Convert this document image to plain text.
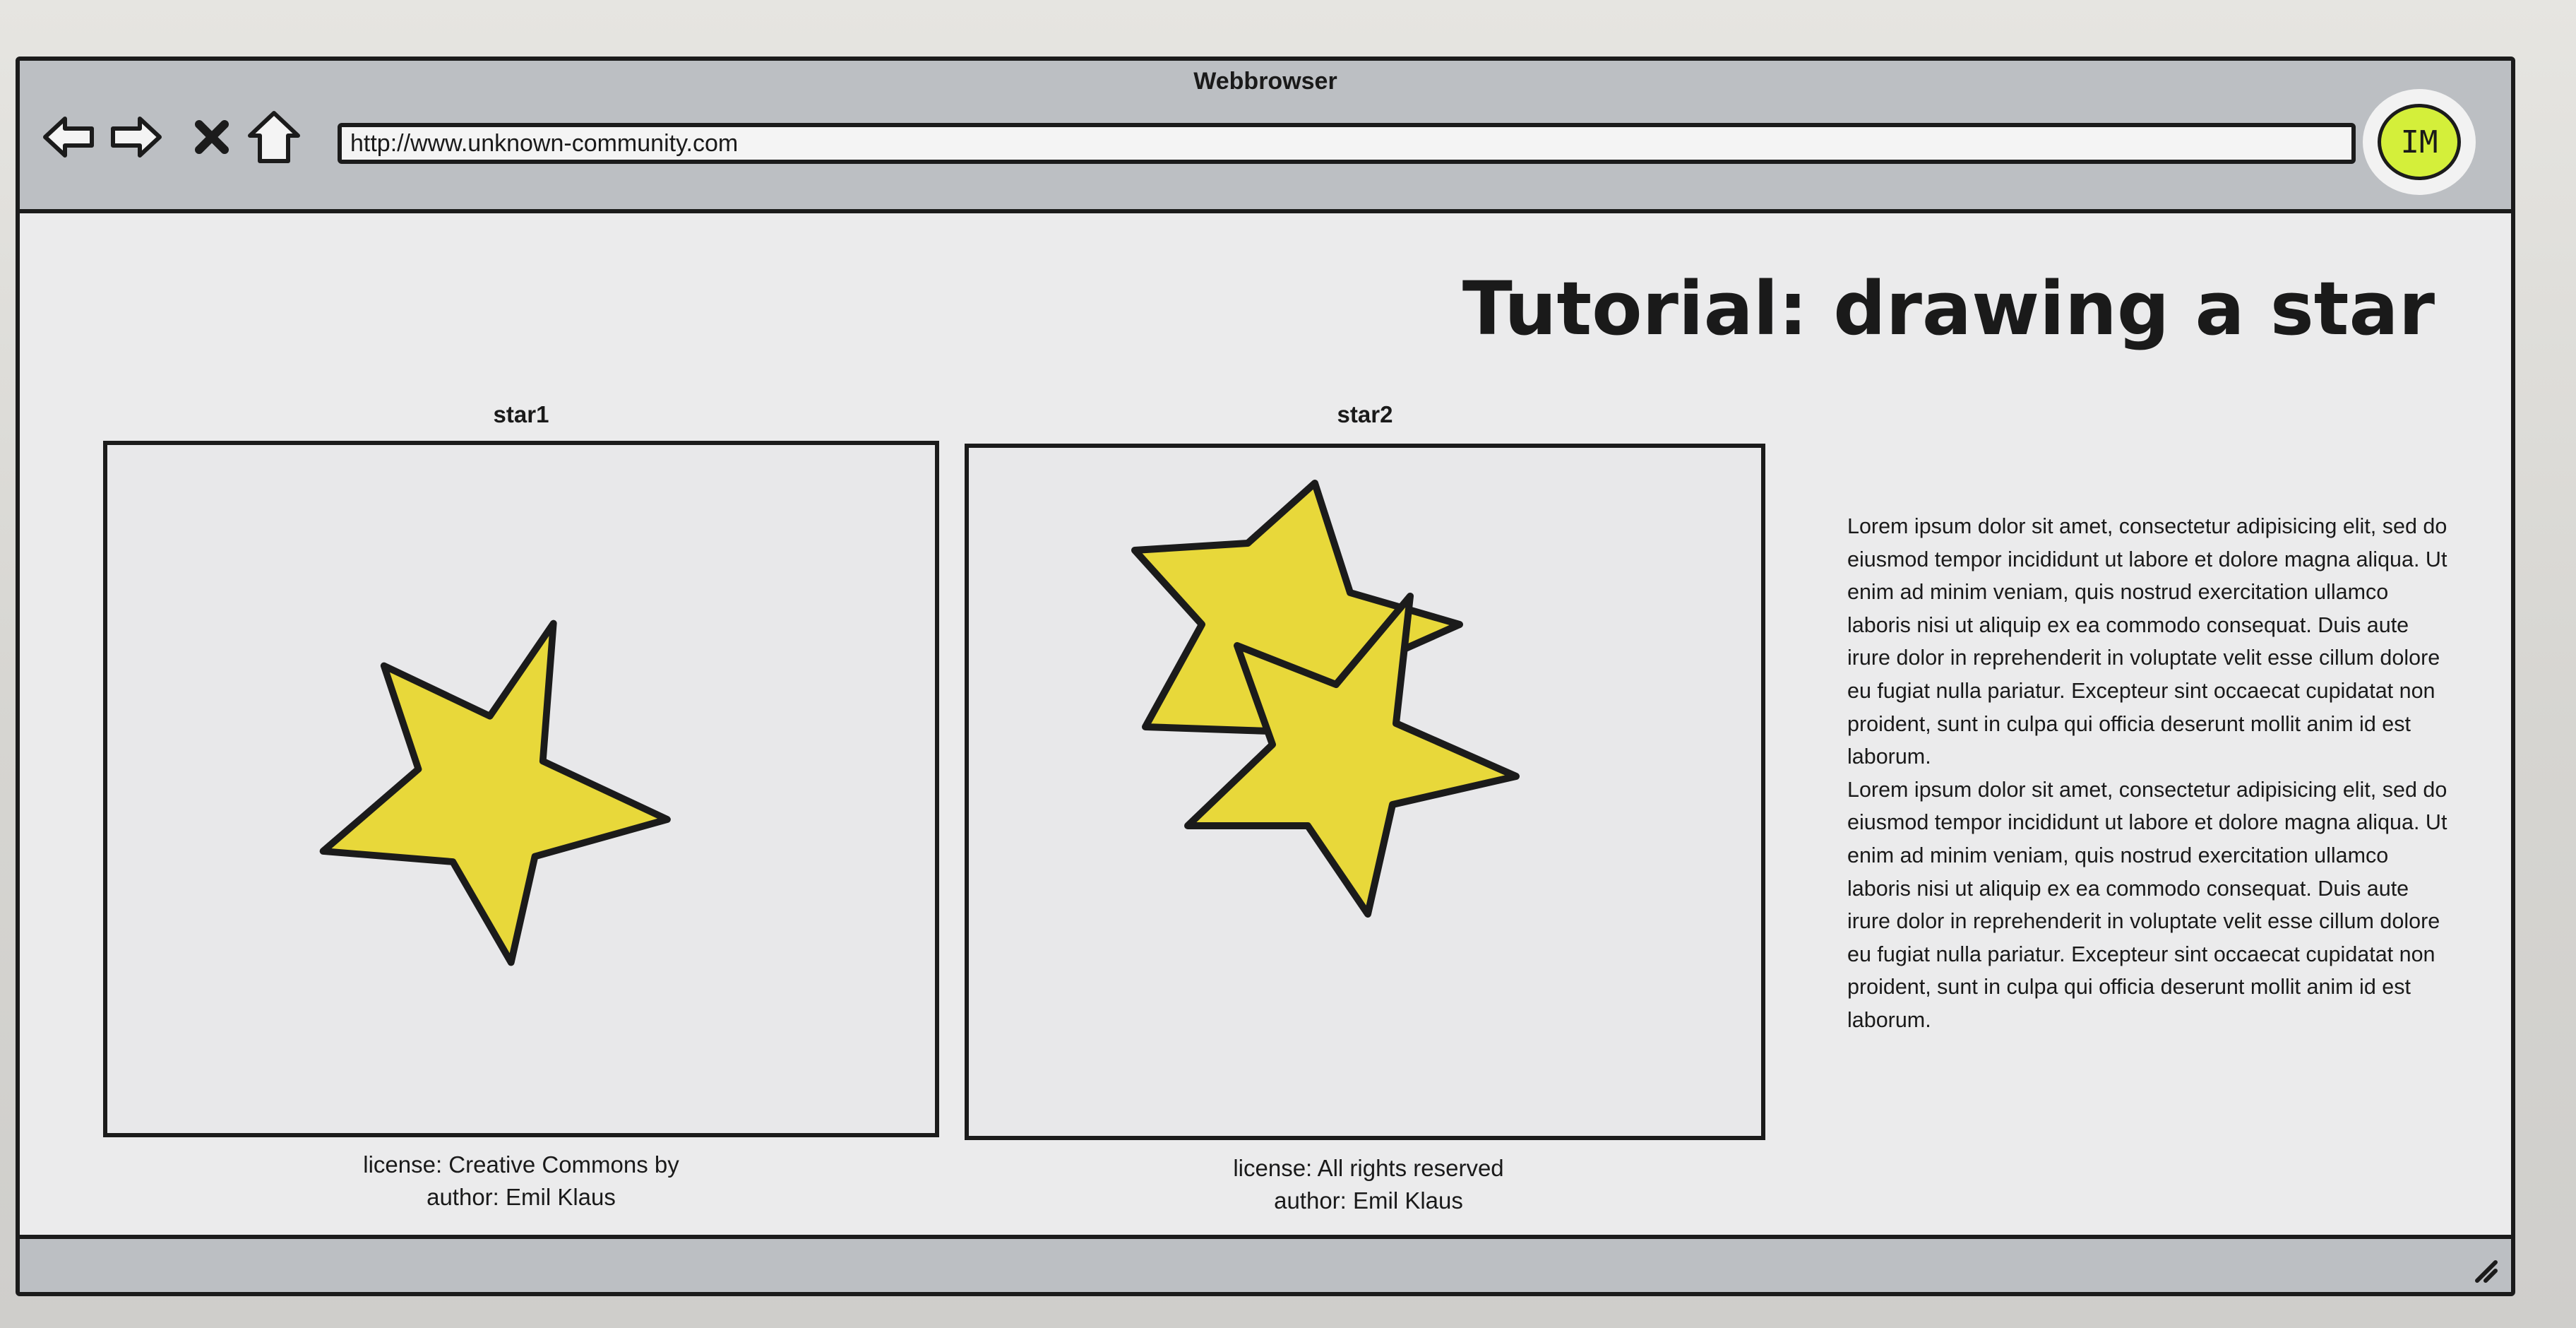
Webbrowser
http://www.unknown-community.com	IM
Tutorial: drawing a star
star1
license: Creative Commons by
author: Emil Klaus
star2
license: All rights reserved
author: Emil Klaus

Lorem ipsum dolor sit amet, consectetur adipisicing elit, sed do eiusmod tempor incididunt ut labore et dolore magna aliqua. Ut enim ad minim veniam, quis nostrud exercitation ullamco laboris nisi ut aliquip ex ea commodo consequat. Duis aute irure dolor in reprehenderit in voluptate velit esse cillum dolore eu fugiat nulla pariatur. Excepteur sint occaecat cupidatat non proident, sunt in culpa qui officia deserunt mollit anim id est laborum.

Lorem ipsum dolor sit amet, consectetur adipisicing elit, sed do eiusmod tempor incididunt ut labore et dolore magna aliqua. Ut enim ad minim veniam, quis nostrud exercitation ullamco laboris nisi ut aliquip ex ea commodo consequat. Duis aute irure dolor in reprehenderit in voluptate velit esse cillum dolore eu fugiat nulla pariatur. Excepteur sint occaecat cupidatat non proident, sunt in culpa qui officia deserunt mollit anim id est laborum.
